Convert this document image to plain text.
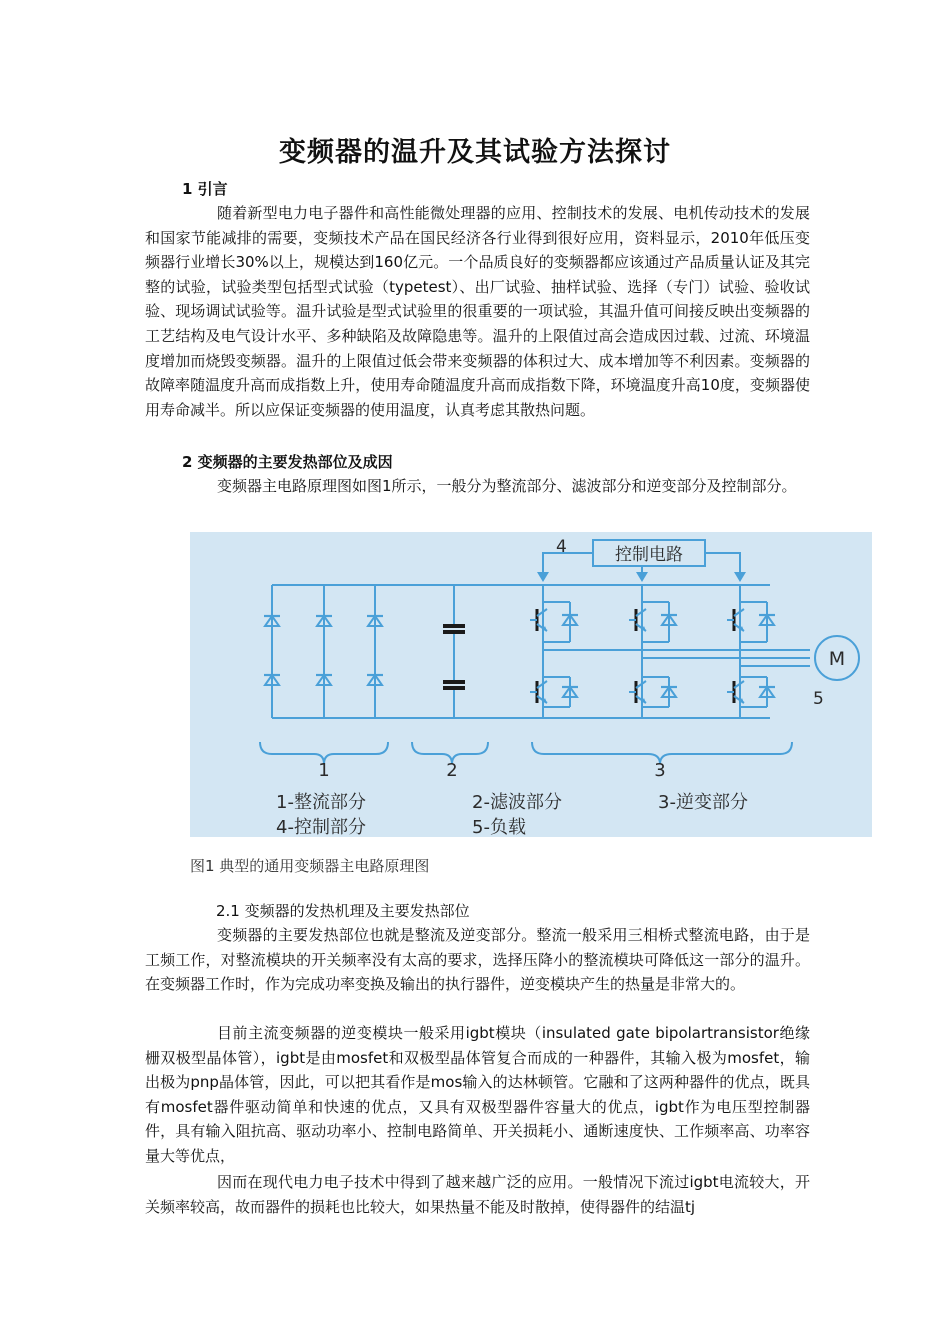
变频器的温升及其试验方法探讨
1 引言
随着新型电力电子器件和高性能微处理器的应用、控制技术的发展、电机传动技术的发展和国家节能减排的需要，变频技术产品在国民经济各行业得到很好应用，资料显示，2010年低压变频器行业增长30%以上，规模达到160亿元。一个品质良好的变频器都应该通过产品质量认证及其完整的试验，试验类型包括型式试验（typetest）、出厂试验、抽样试验、选择（专门）试验、验收试验、现场调试试验等。温升试验是型式试验里的很重要的一项试验，其温升值可间接反映出变频器的工艺结构及电气设计水平、多种缺陷及故障隐患等。温升的上限值过高会造成因过载、过流、环境温度增加而烧毁变频器。温升的上限值过低会带来变频器的体积过大、成本增加等不利因素。变频器的故障率随温度升高而成指数上升，使用寿命随温度升高而成指数下降，环境温度升高10度，变频器使用寿命减半。所以应保证变频器的使用温度，认真考虑其散热问题。
2 变频器的主要发热部位及成因
变频器主电路原理图如图1所示，一般分为整流部分、滤波部分和逆变部分及控制部分。
4	控制电路
M
5
1	2	3
1-整流部分
4-控制部分
2-滤波部分
5-负载
3-逆变部分
图1 典型的通用变频器主电路原理图
2.1 变频器的发热机理及主要发热部位
变频器的主要发热部位也就是整流及逆变部分。整流一般采用三相桥式整流电路，由于是工频工作，对整流模块的开关频率没有太高的要求，选择压降小的整流模块可降低这一部分的温升。在变频器工作时，作为完成功率变换及输出的执行器件，逆变模块产生的热量是非常大的。
目前主流变频器的逆变模块一般采用igbt模块（insulated gate bipolartransistor绝缘栅双极型晶体管），igbt是由mosfet和双极型晶体管复合而成的一种器件，其输入极为mosfet，输出极为pnp晶体管，因此，可以把其看作是mos输入的达林顿管。它融和了这两种器件的优点，既具有mosfet器件驱动简单和快速的优点，又具有双极型器件容量大的优点，igbt作为电压型控制器件，具有输入阻抗高、驱动功率小、控制电路简单、开关损耗小、通断速度快、工作频率高、功率容量大等优点，
因而在现代电力电子技术中得到了越来越广泛的应用。一般情况下流过igbt电流较大，开关频率较高，故而器件的损耗也比较大，如果热量不能及时散掉，使得器件的结温tj
